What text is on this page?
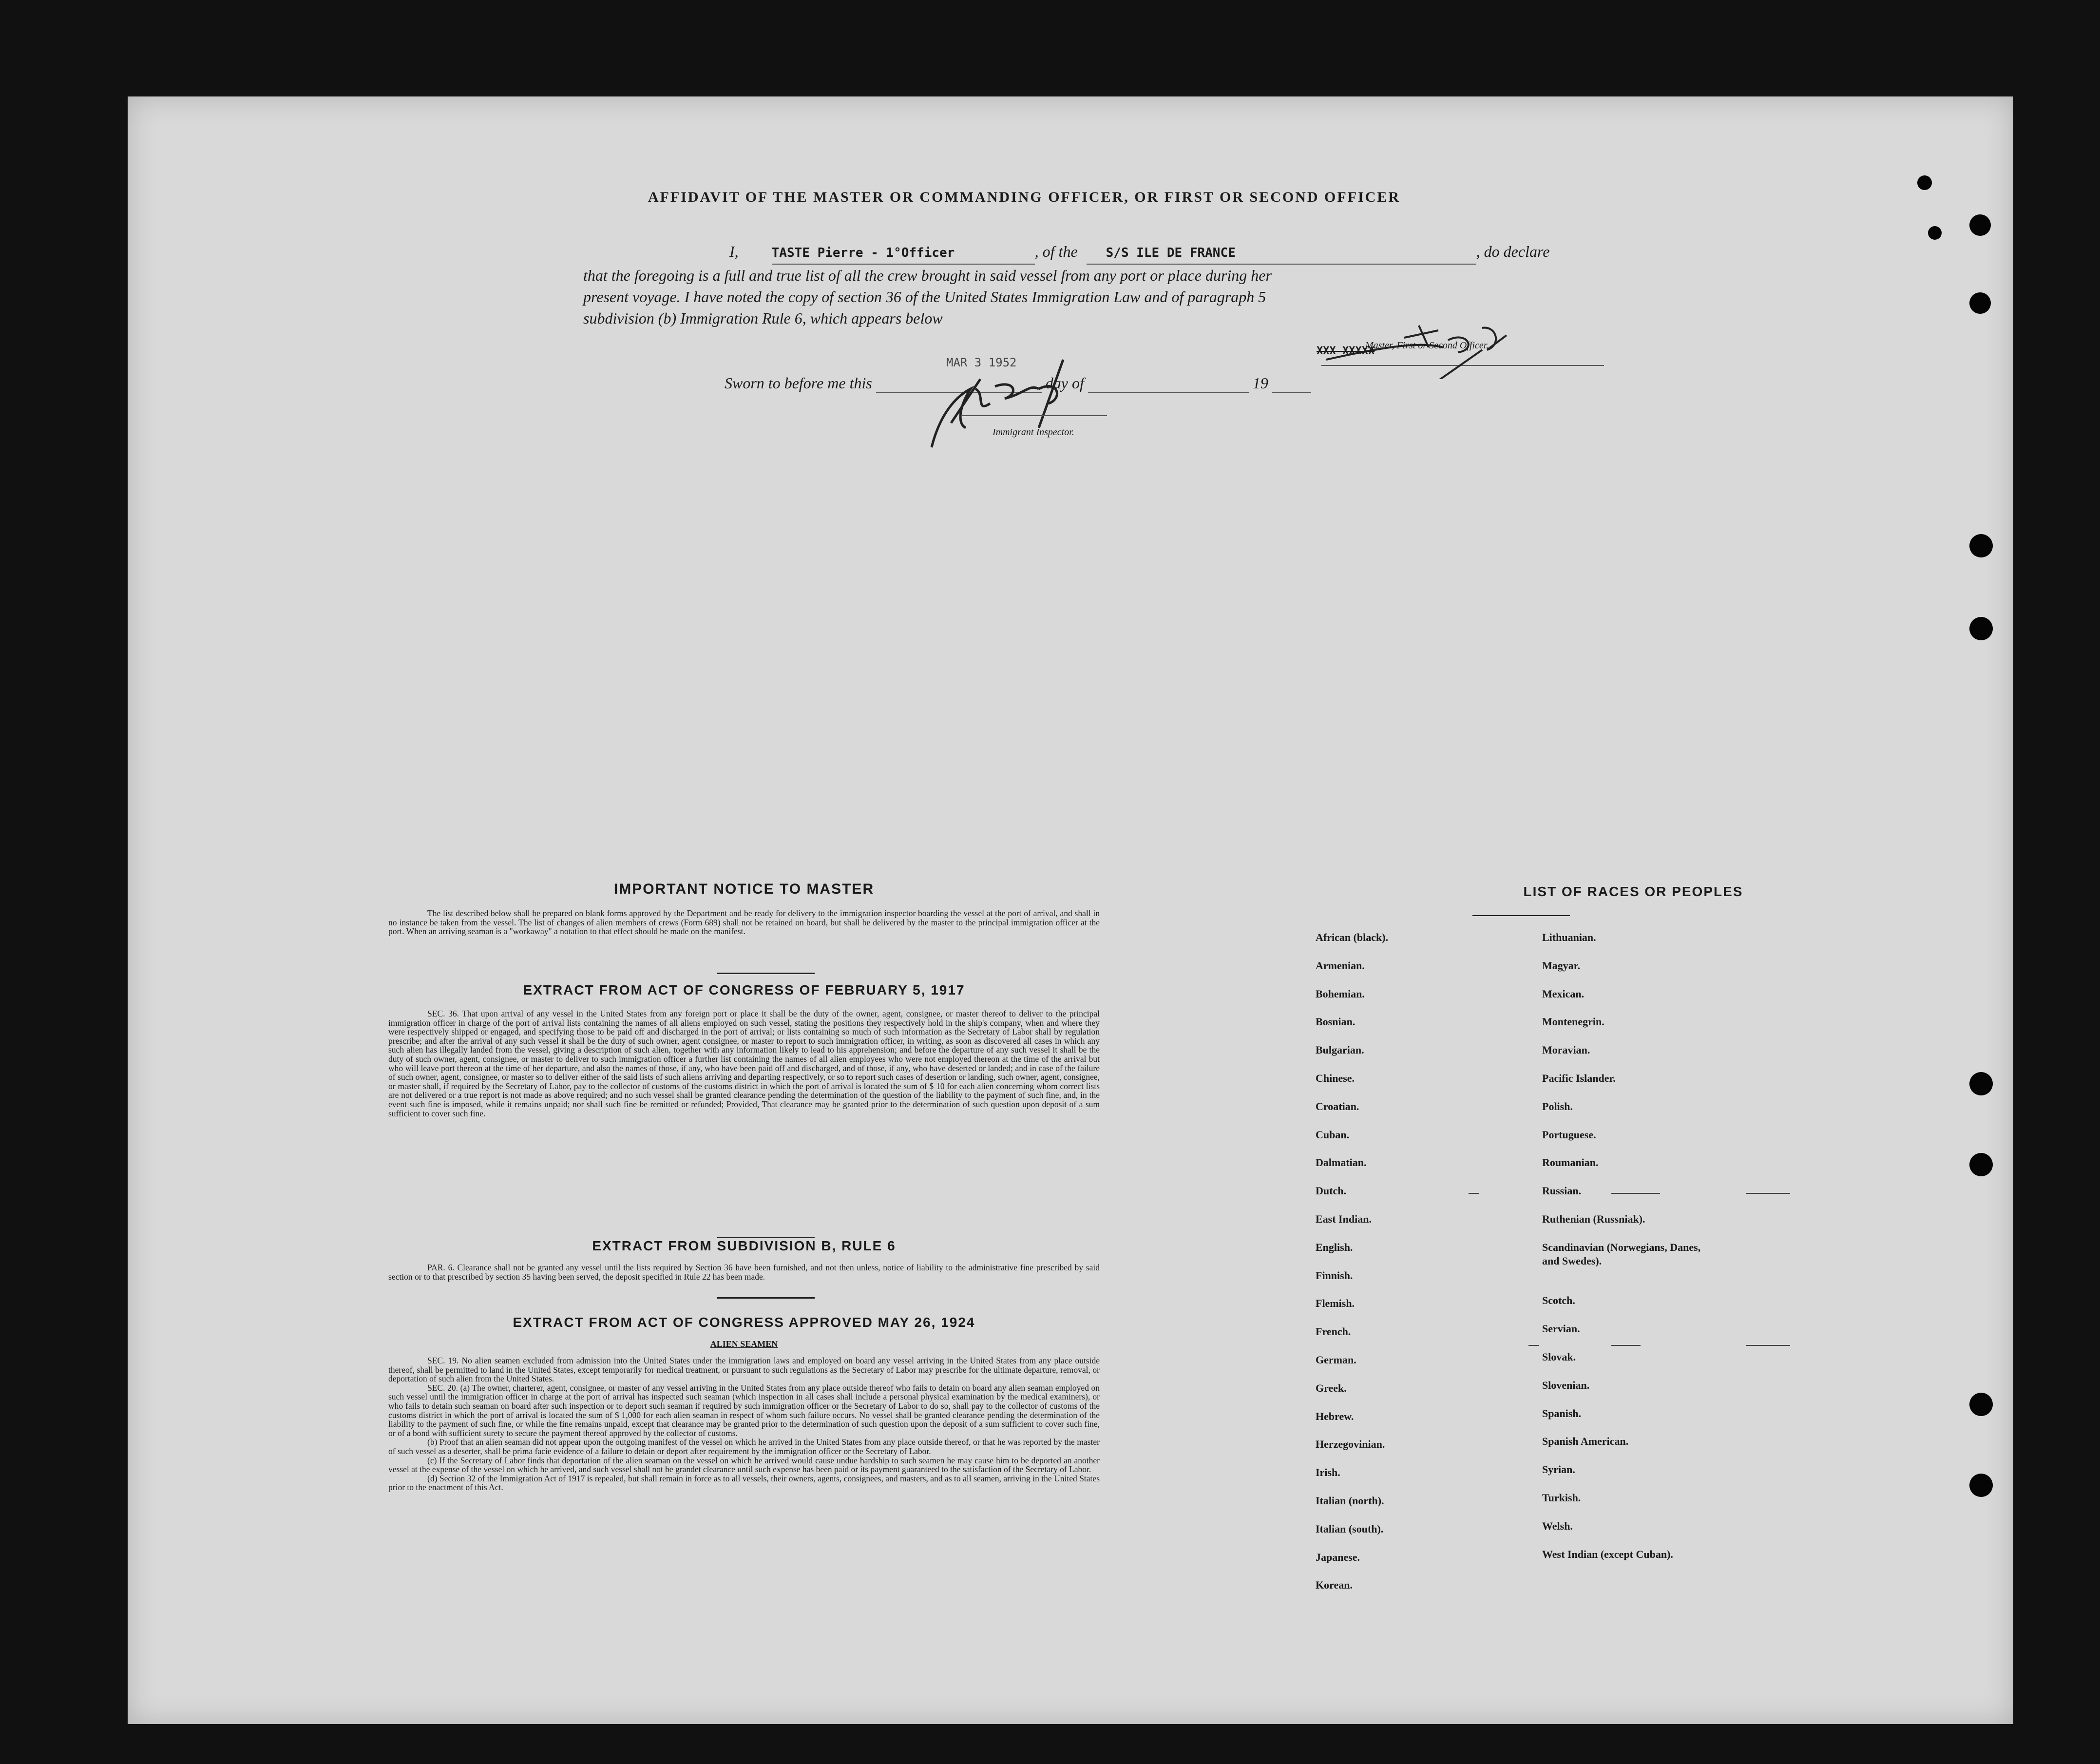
AFFIDAVIT OF THE MASTER OR COMMANDING OFFICER, OR FIRST OR SECOND OFFICER
I,	TASTE Pierre - 1°Officer	, of the S/S ILE DE FRANCE	, do declare
that the foregoing is a full and true list of all the crew brought in said vessel from any port or place during her
present voyage. I have noted the copy of section 36 of the United States Immigration Law and of paragraph 5
subdivision (b) Immigration Rule 6, which appears below
XXX XXXXX
Master, First or Second Officer.
MAR 3 1952
Sworn to before me this	day of	19
Immigrant Inspector.
IMPORTANT NOTICE TO MASTER
The list described below shall be prepared on blank forms approved by the Department and be ready for delivery to the immigration inspector boarding the vessel at the port of arrival, and shall in no instance be taken from the vessel. The list of changes of alien members of crews (Form 689) shall not be retained on board, but shall be delivered by the master to the principal immigration officer at the port. When an arriving seaman is a "workaway" a notation to that effect should be made on the manifest.
EXTRACT FROM ACT OF CONGRESS OF FEBRUARY 5, 1917
SEC. 36. That upon arrival of any vessel in the United States from any foreign port or place it shall be the duty of the owner, agent, consignee, or master thereof to deliver to the principal immigration officer in charge of the port of arrival lists containing the names of all aliens employed on such vessel, stating the positions they respectively hold in the ship's company, when and where they were respectively shipped or engaged, and specifying those to be paid off and discharged in the port of arrival; or lists containing so much of such information as the Secretary of Labor shall by regulation prescribe; and after the arrival of any such vessel it shall be the duty of such owner, agent consignee, or master to report to such immigration officer, in writing, as soon as discovered all cases in which any such alien has illegally landed from the vessel, giving a description of such alien, together with any information likely to lead to his apprehension; and before the departure of any such vessel it shall be the duty of such owner, agent, consignee, or master to deliver to such immigration officer a further list containing the names of all alien employees who were not employed thereon at the time of the arrival but who will leave port thereon at the time of her departure, and also the names of those, if any, who have been paid off and discharged, and of those, if any, who have deserted or landed; and in case of the failure of such owner, agent, consignee, or master so to deliver either of the said lists of such aliens arriving and departing respectively, or so to report such cases of desertion or landing, such owner, agent, consignee, or master shall, if required by the Secretary of Labor, pay to the collector of customs of the customs district in which the port of arrival is located the sum of $ 10 for each alien concerning whom correct lists are not delivered or a true report is not made as above required; and no such vessel shall be granted clearance pending the determination of the question of the liability to the payment of such fine, and, in the event such fine is imposed, while it remains unpaid; nor shall such fine be remitted or refunded; Provided, That clearance may be granted prior to the determination of such question upon deposit of a sum sufficient to cover such fine.
EXTRACT FROM SUBDIVISION B, RULE 6
PAR. 6. Clearance shall not be granted any vessel until the lists required by Section 36 have been furnished, and not then unless, notice of liability to the administrative fine prescribed by said section or to that prescribed by section 35 having been served, the deposit specified in Rule 22 has been made.
EXTRACT FROM ACT OF CONGRESS APPROVED MAY 26, 1924
ALIEN SEAMEN
SEC. 19. No alien seamen excluded from admission into the United States under the immigration laws and employed on board any vessel arriving in the United States from any place outside thereof, shall be permitted to land in the United States, except temporarily for medical treatment, or pursuant to such regulations as the Secretary of Labor may prescribe for the ultimate departure, removal, or deportation of such alien from the United States.
SEC. 20. (a) The owner, charterer, agent, consignee, or master of any vessel arriving in the United States from any place outside thereof who fails to detain on board any alien seaman employed on such vessel until the immigration officer in charge at the port of arrival has inspected such seaman (which inspection in all cases shall include a personal physical examination by the medical examiners), or who fails to detain such seaman on board after such inspection or to deport such seaman if required by such immigration officer or the Secretary of Labor to do so, shall pay to the collector of customs of the customs district in which the port of arrival is located the sum of $ 1,000 for each alien seaman in respect of whom such failure occurs. No vessel shall be granted clearance pending the determination of the liability to the payment of such fine, or while the fine remains unpaid, except that clearance may be granted prior to the determination of such question upon the deposit of a sum sufficient to cover such fine, or of a bond with sufficient surety to secure the payment thereof approved by the collector of customs.
(b) Proof that an alien seaman did not appear upon the outgoing manifest of the vessel on which he arrived in the United States from any place outside thereof, or that he was reported by the master of such vessel as a deserter, shall be prima facie evidence of a failure to detain or deport after requirement by the immigration officer or the Secretary of Labor.
(c) If the Secretary of Labor finds that deportation of the alien seaman on the vessel on which he arrived would cause undue hardship to such seamen he may cause him to be deported an another vessel at the expense of the vessel on which he arrived, and such vessel shall not be grandet clearance until such expense has been paid or its payment guaranteed to the satisfaction of the Secretary of Labor.
(d) Section 32 of the Immigration Act of 1917 is repealed, but shall remain in force as to all vessels, their owners, agents, consignees, and masters, and as to all seamen, arriving in the United States prior to the enactment of this Act.
LIST OF RACES OR PEOPLES
African (black).
Armenian.
Bohemian.
Bosnian.
Bulgarian.
Chinese.
Croatian.
Cuban.
Dalmatian.
Dutch.
East Indian.
English.
Finnish.
Flemish.
French.
German.
Greek.
Hebrew.
Herzegovinian.
Irish.
Italian (north).
Italian (south).
Japanese.
Korean.
Lithuanian.
Magyar.
Mexican.
Montenegrin.
Moravian.
Pacific Islander.
Polish.
Portuguese.
Roumanian.
Russian.
Ruthenian (Russniak).
Scandinavian (Norwegians, Danes, and Swedes).
Scotch.
Servian.
Slovak.
Slovenian.
Spanish.
Spanish American.
Syrian.
Turkish.
Welsh.
West Indian (except Cuban).
